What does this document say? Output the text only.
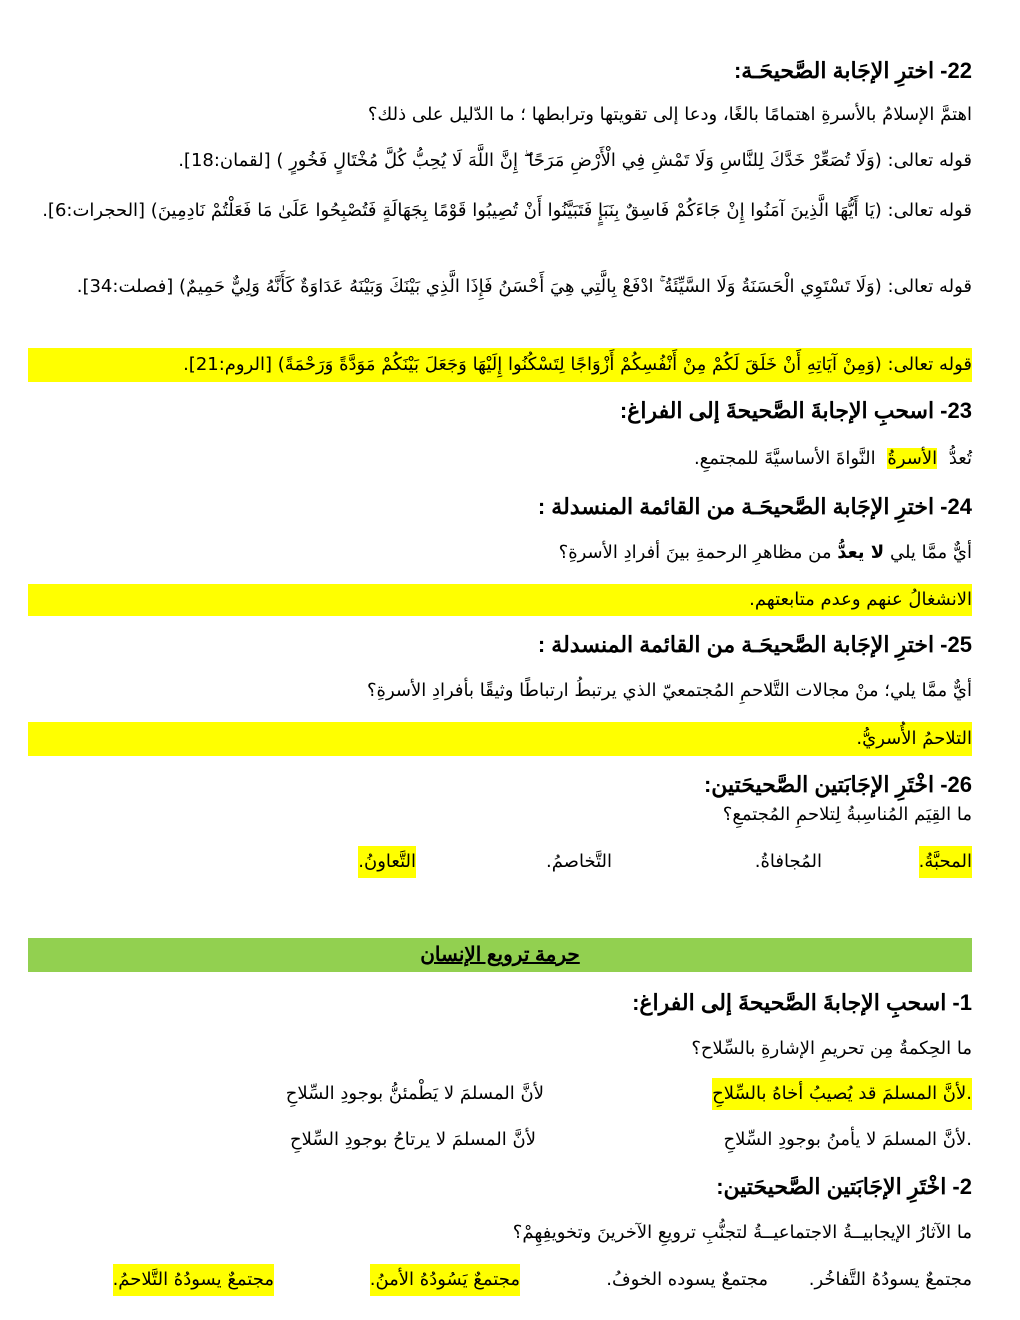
22- اخترِ الإجَابة الصَّحيحَـة:

اهتمَّ الإسلامُ بالأسرةِ اهتمامًا بالغًا، ودعا إلى تقويتها وترابطها ؛ ما الدّليل على ذلك؟

قوله تعالى: (وَلَا تُصَعِّرْ خَدَّكَ لِلنَّاسِ وَلَا تَمْشِ فِي الْأَرْضِ مَرَحًا ۖ إِنَّ اللَّهَ لَا يُحِبُّ كُلَّ مُخْتَالٍ فَخُورٍ ) [لقمان:18].

قوله تعالى: (يَا أَيُّهَا الَّذِينَ آمَنُوا إِنْ جَاءَكُمْ فَاسِقٌ بِنَبَإٍ فَتَبَيَّنُوا أَنْ تُصِيبُوا قَوْمًا بِجَهَالَةٍ فَتُصْبِحُوا عَلَىٰ مَا فَعَلْتُمْ نَادِمِينَ) [الحجرات:6].

قوله تعالى: (وَلَا تَسْتَوِي الْحَسَنَةُ وَلَا السَّيِّئَةُ ۚ ادْفَعْ بِالَّتِي هِيَ أَحْسَنُ فَإِذَا الَّذِي بَيْنَكَ وَبَيْنَهُ عَدَاوَةٌ كَأَنَّهُ وَلِيٌّ حَمِيمٌ) [فصلت:34].

قوله تعالى: (وَمِنْ آيَاتِهِ أَنْ خَلَقَ لَكُمْ مِنْ أَنْفُسِكُمْ أَزْوَاجًا لِتَسْكُنُوا إِلَيْهَا وَجَعَلَ بَيْنَكُمْ مَوَدَّةً وَرَحْمَةً) [الروم:21].

23- اسحبِ الإجابةَ الصَّحيحةَ إلى الفراغ:

تُعدُّ الأسرةُ النَّواةَ الأساسيَّةَ للمجتمعِ.

24- اخترِ الإجَابة الصَّحيحَـة من القائمة المنسدلة :

أيٌّ ممَّا يلي لا يعدُّ من مظاهرِ الرحمةِ بينَ أفرادِ الأسرةِ؟

الانشغالُ عنهم وعدم متابعتهم.

25- اخترِ الإجَابة الصَّحيحَـة من القائمة المنسدلة :

أيٌّ ممَّا يلي؛ منْ مجالات التَّلاحمِ المُجتمعيّ الذي يرتبطُ ارتباطًا وثيقًا بأفرادِ الأسرةِ؟

التلاحمُ الأُسريُّ.

26- اخْتَرِ الإجَابَتين الصَّحيحَتين:

ما القِيَم المُناسِبةُ لِتلاحمِ المُجتمعِ؟

المحبَّةُ.
المُجافاةُ.
التَّخاصمُ.
التَّعاونُ.
حرمة ترويع الإنسان

1- اسحبِ الإجابةَ الصَّحيحةَ إلى الفراغ:

ما الحِكمةُ مِن تحريمِ الإشارةِ بالسِّلاح؟

.لأنَّ المسلمَ قد يُصيبُ أخاهُ بالسِّلاحِ
لأنَّ المسلمَ لا يَطْمئنُّ بوجودِ السِّلاحِ
.لأنَّ المسلمَ لا يأمنُ بوجودِ السِّلاحِ
لأنَّ المسلمَ لا يرتاحُ بوجودِ السِّلاحِ

2- اخْتَرِ الإجَابَتين الصَّحيحَتين:

ما الآثارُ الإيجابيــةُ الاجتماعيــةُ لتجنُّبِ ترويعِ الآخرينَ وتخويفِهِمْ؟

مجتمعٌ يسودُهُ التَّفاخُر.
مجتمعٌ يسوده الخوفُ.
مجتمعٌ يَسُودُهُ الأمنُ.
مجتمعٌ يسودُهُ التَّلاحمُ.
